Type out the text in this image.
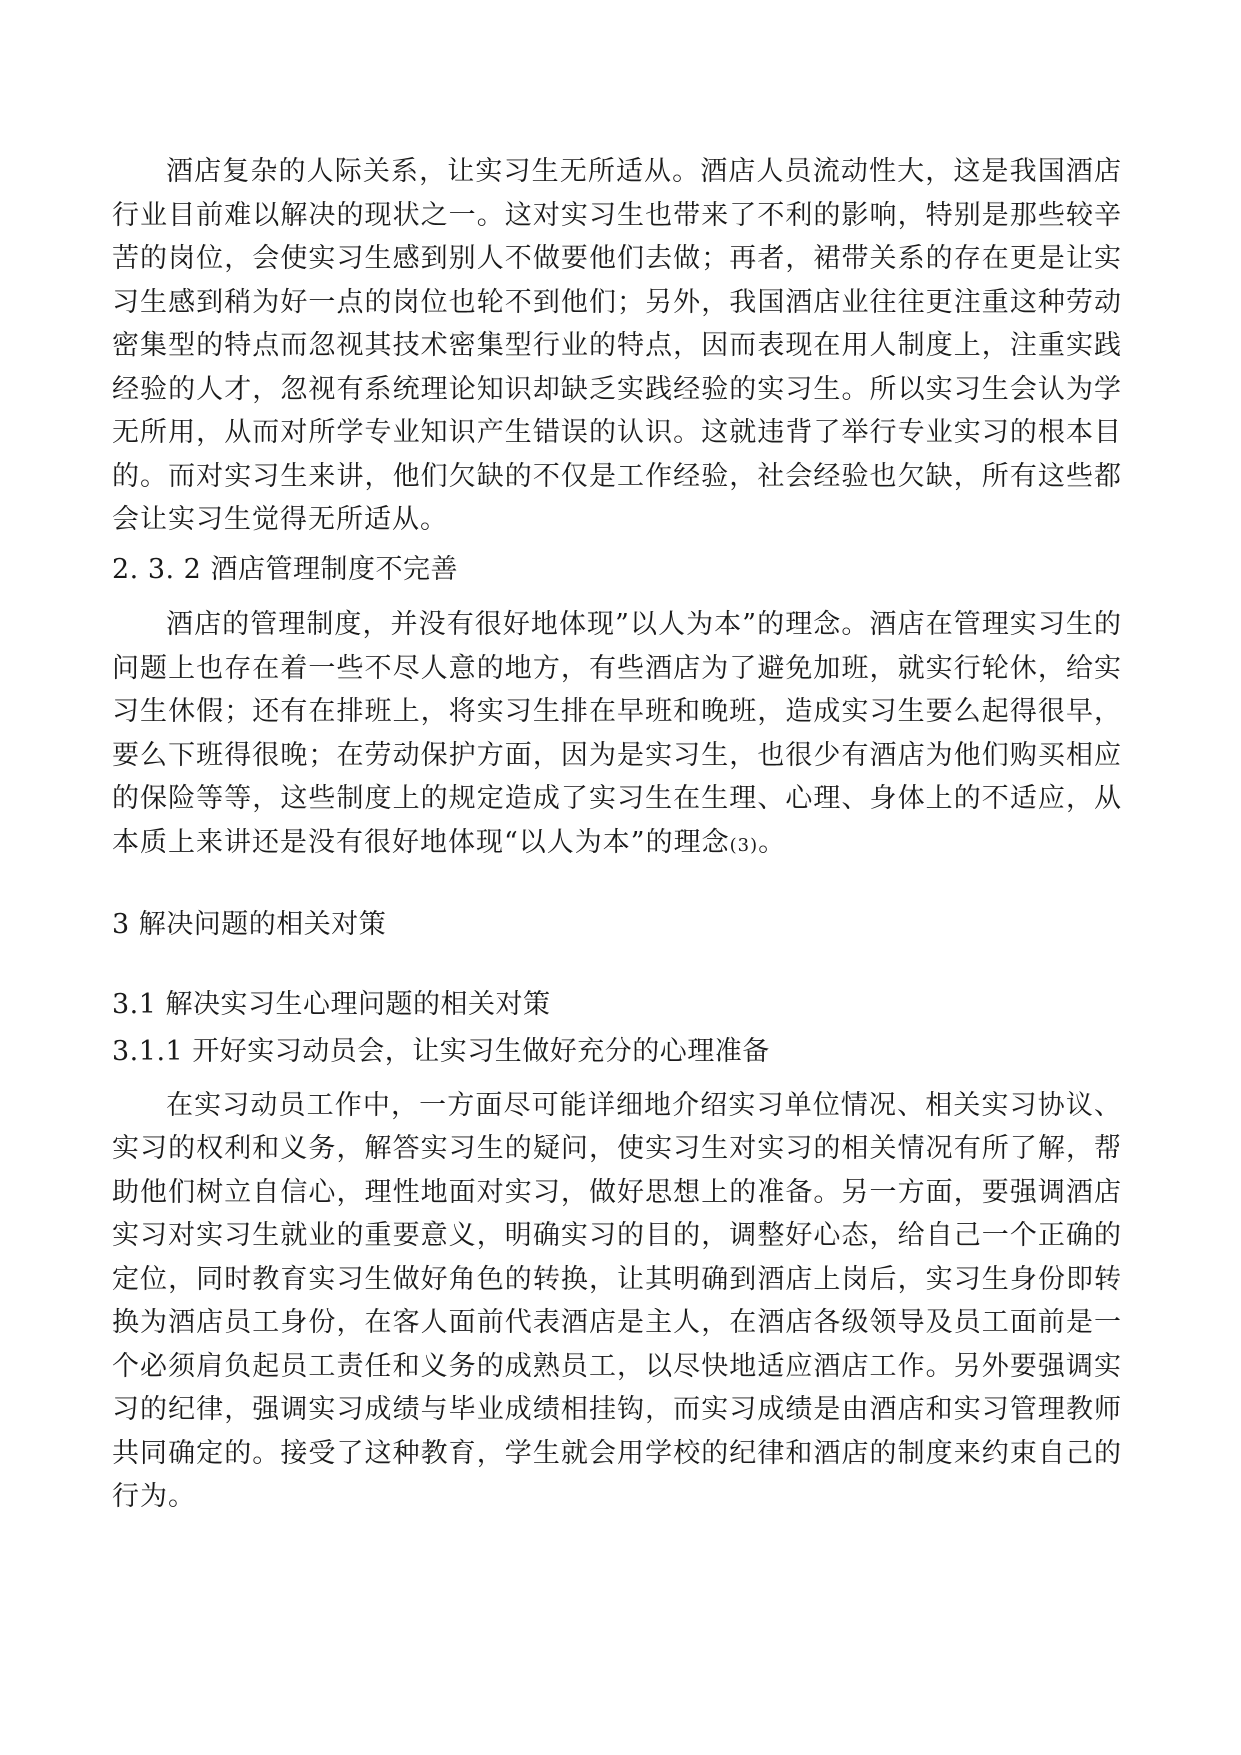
酒店复杂的人际关系，让实习生无所适从。酒店人员流动性大，这是我国酒店行业目前难以解决的现状之一。这对实习生也带来了不利的影响，特别是那些较辛苦的岗位，会使实习生感到别人不做要他们去做；再者，裙带关系的存在更是让实习生感到稍为好一点的岗位也轮不到他们；另外，我国酒店业往往更注重这种劳动密集型的特点而忽视其技术密集型行业的特点，因而表现在用人制度上，注重实践经验的人才，忽视有系统理论知识却缺乏实践经验的实习生。所以实习生会认为学无所用，从而对所学专业知识产生错误的认识。这就违背了举行专业实习的根本目的。而对实习生来讲，他们欠缺的不仅是工作经验，社会经验也欠缺，所有这些都会让实习生觉得无所适从。

2. 3. 2 酒店管理制度不完善

酒店的管理制度，并没有很好地体现”以人为本”的理念。酒店在管理实习生的问题上也存在着一些不尽人意的地方，有些酒店为了避免加班，就实行轮休，给实习生休假；还有在排班上，将实习生排在早班和晚班，造成实习生要么起得很早，要么下班得很晚；在劳动保护方面，因为是实习生，也很少有酒店为他们购买相应的保险等等，这些制度上的规定造成了实习生在生理、心理、身体上的不适应，从本质上来讲还是没有很好地体现“以人为本”的理念(3)。

3 解决问题的相关对策

3.1 解决实习生心理问题的相关对策

3.1.1 开好实习动员会，让实习生做好充分的心理准备

在实习动员工作中，一方面尽可能详细地介绍实习单位情况、相关实习协议、实习的权利和义务，解答实习生的疑问，使实习生对实习的相关情况有所了解，帮助他们树立自信心，理性地面对实习，做好思想上的准备。另一方面，要强调酒店实习对实习生就业的重要意义，明确实习的目的，调整好心态，给自己一个正确的定位，同时教育实习生做好角色的转换，让其明确到酒店上岗后，实习生身份即转换为酒店员工身份，在客人面前代表酒店是主人，在酒店各级领导及员工面前是一个必须肩负起员工责任和义务的成熟员工，以尽快地适应酒店工作。另外要强调实习的纪律，强调实习成绩与毕业成绩相挂钩，而实习成绩是由酒店和实习管理教师共同确定的。接受了这种教育，学生就会用学校的纪律和酒店的制度来约束自己的行为。
